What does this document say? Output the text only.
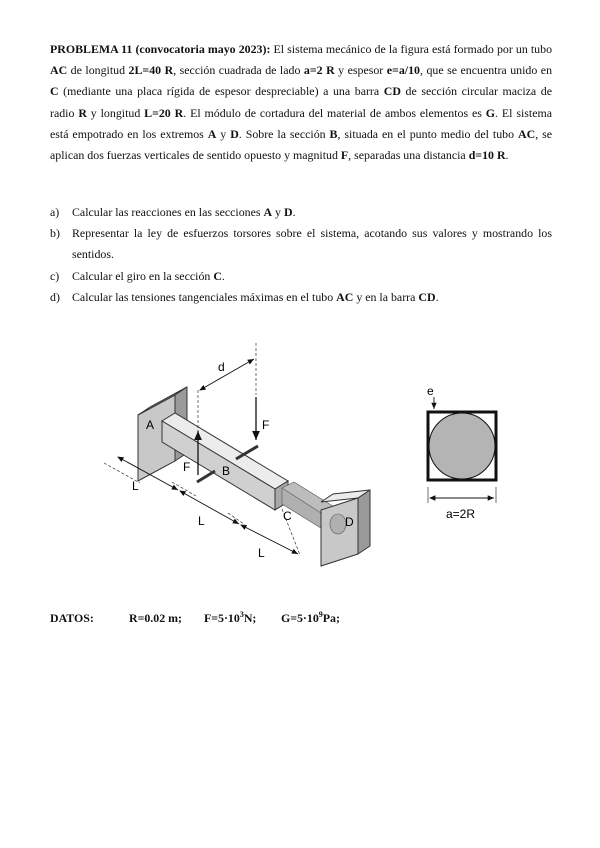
PROBLEMA 11 (convocatoria mayo 2023): El sistema mecánico de la figura está formado por un tubo AC de longitud 2L=40 R, sección cuadrada de lado a=2 R y espesor e=a/10, que se encuentra unido en C (mediante una placa rígida de espesor despreciable) a una barra CD de sección circular maciza de radio R y longitud L=20 R. El módulo de cortadura del material de ambos elementos es G. El sistema está empotrado en los extremos A y D. Sobre la sección B, situada en el punto medio del tubo AC, se aplican dos fuerzas verticales de sentido opuesto y magnitud F, separadas una distancia d=10 R.
a)	Calcular las reacciones en las secciones A y D.
b)	Representar la ley de esfuerzos torsores sobre el sistema, acotando sus valores y mostrando los sentidos.
c)	Calcular el giro en la sección C.
d)	Calcular las tensiones tangenciales máximas en el tubo AC y en la barra CD.
d
F
F
A
B
C	D
L
L
L
e
a=2R
DATOS:	R=0.02 m; $F=5\cdot 10^3N$; $G=5\cdot 10^9Pa$;
